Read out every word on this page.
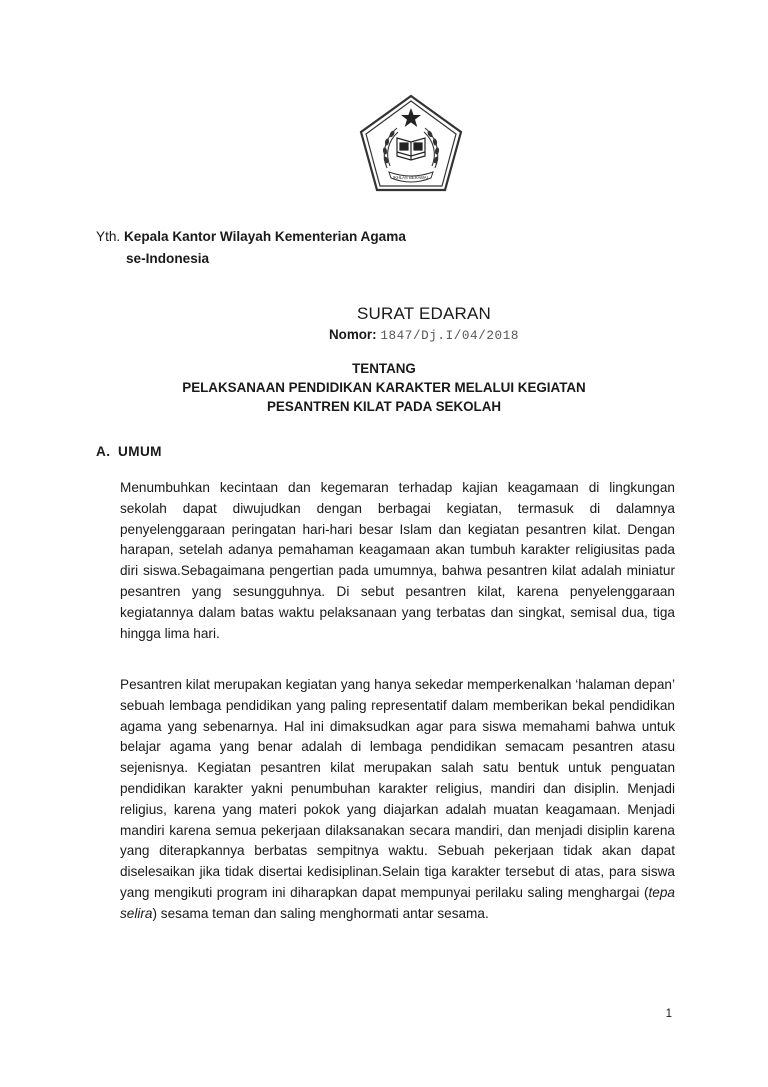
IKHLAS BERAMAL
Yth. Kepala Kantor Wilayah Kementerian Agama
se-Indonesia
SURAT EDARAN
Nomor: 1847/Dj.I/04/2018
TENTANG
PELAKSANAAN PENDIDIKAN KARAKTER MELALUI KEGIATAN
PESANTREN KILAT PADA SEKOLAH
A. UMUM

Menumbuhkan kecintaan dan kegemaran terhadap kajian keagamaan di lingkungan sekolah dapat diwujudkan dengan berbagai kegiatan, termasuk di dalamnya penyelenggaraan peringatan hari-hari besar Islam dan kegiatan pesantren kilat. Dengan harapan, setelah adanya pemahaman keagamaan akan tumbuh karakter religiusitas pada diri siswa.Sebagaimana pengertian pada umumnya, bahwa pesantren kilat adalah miniatur pesantren yang sesungguhnya. Di sebut pesantren kilat, karena penyelenggaraan kegiatannya dalam batas waktu pelaksanaan yang terbatas dan singkat, semisal dua, tiga hingga lima hari.

Pesantren kilat merupakan kegiatan yang hanya sekedar memperkenalkan ‘halaman depan’ sebuah lembaga pendidikan yang paling representatif dalam memberikan bekal pendidikan agama yang sebenarnya. Hal ini dimaksudkan agar para siswa memahami bahwa untuk belajar agama yang benar adalah di lembaga pendidikan semacam pesantren atasu sejenisnya. Kegiatan pesantren kilat merupakan salah satu bentuk untuk penguatan pendidikan karakter yakni penumbuhan karakter religius, mandiri dan disiplin. Menjadi religius, karena yang materi pokok yang diajarkan adalah muatan keagamaan. Menjadi mandiri karena semua pekerjaan dilaksanakan secara mandiri, dan menjadi disiplin karena yang diterapkannya berbatas sempitnya waktu. Sebuah pekerjaan tidak akan dapat diselesaikan jika tidak disertai kedisiplinan.Selain tiga karakter tersebut di atas, para siswa yang mengikuti program ini diharapkan dapat mempunyai perilaku saling menghargai (tepa selira) sesama teman dan saling menghormati antar sesama.

1
